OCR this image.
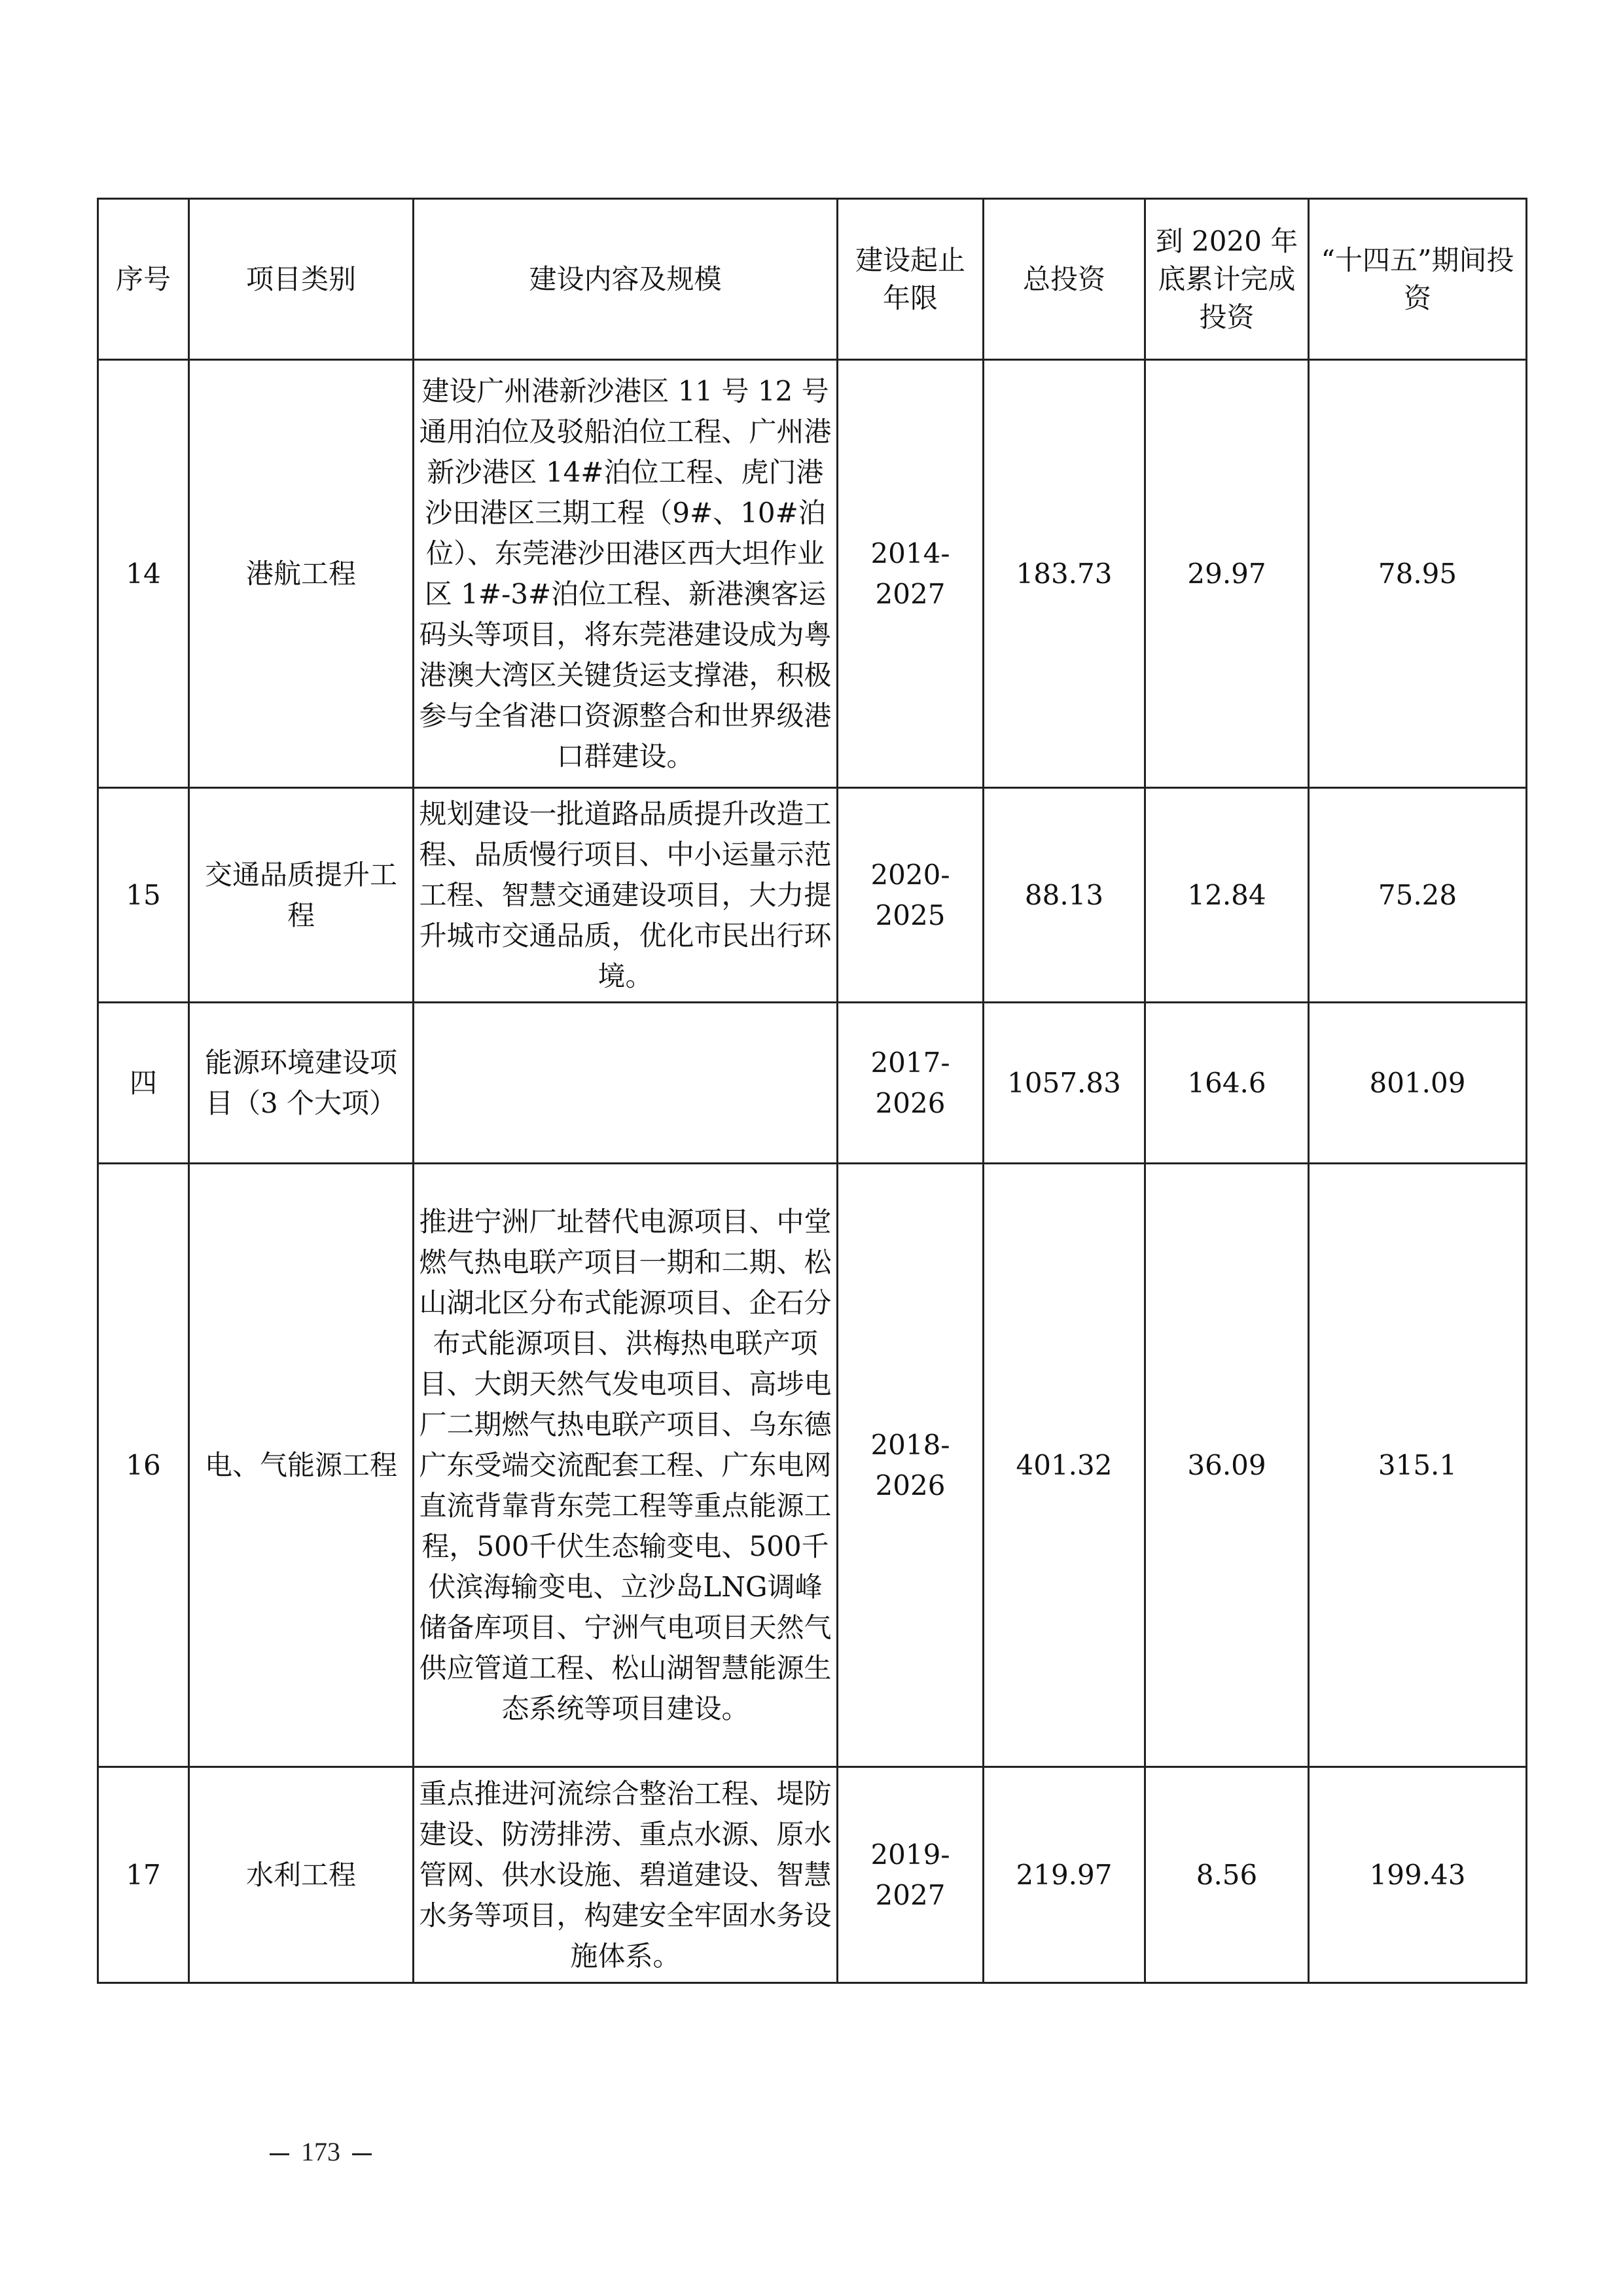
序号	项目类别	建设内容及规模	建设起止年限	总投资	到 2020 年底累计完成投资	“十四五”期间投资
14	港航工程	建设广州港新沙港区 11 号 12 号通用泊位及驳船泊位工程、广州港新沙港区 14#泊位工程、虎门港沙田港区三期工程（9#、10#泊位）、东莞港沙田港区西大坦作业区 1#-3#泊位工程、新港澳客运码头等项目，将东莞港建设成为粤港澳大湾区关键货运支撑港，积极参与全省港口资源整合和世界级港口群建设。	2014-2027	183.73	29.97	78.95
15	交通品质提升工程	规划建设一批道路品质提升改造工程、品质慢行项目、中小运量示范工程、智慧交通建设项目，大力提升城市交通品质，优化市民出行环境。	2020-2025	88.13	12.84	75.28
四	能源环境建设项目（3 个大项）		2017-2026	1057.83	164.6	801.09
16	电、气能源工程	推进宁洲厂址替代电源项目、中堂燃气热电联产项目一期和二期、松山湖北区分布式能源项目、企石分布式能源项目、洪梅热电联产项目、大朗天然气发电项目、高埗电厂二期燃气热电联产项目、乌东德广东受端交流配套工程、广东电网直流背靠背东莞工程等重点能源工程，500千伏生态输变电、500千伏滨海输变电、立沙岛LNG调峰储备库项目、宁洲气电项目天然气供应管道工程、松山湖智慧能源生态系统等项目建设。	2018-2026	401.32	36.09	315.1
17	水利工程	重点推进河流综合整治工程、堤防建设、防涝排涝、重点水源、原水管网、供水设施、碧道建设、智慧水务等项目，构建安全牢固水务设施体系。	2019-2027	219.97	8.56	199.43
173
